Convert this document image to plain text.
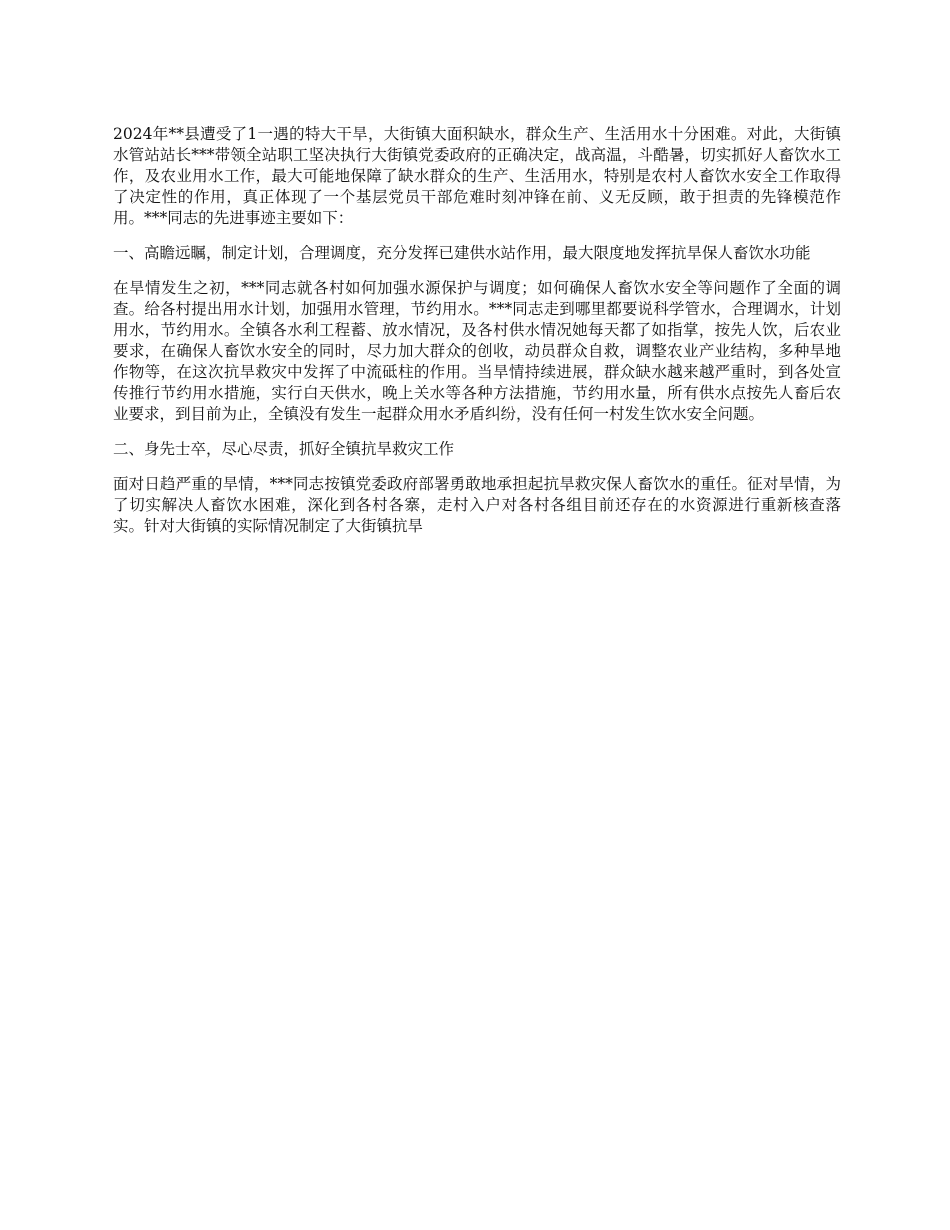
2024年**县遭受了1一遇的特大干旱，大街镇大面积缺水，群众生产、生活用水十分困难。对此，大街镇水管站站长***带领全站职工坚决执行大街镇党委政府的正确决定，战高温，斗酷暑，切实抓好人畜饮水工作，及农业用水工作，最大可能地保障了缺水群众的生产、生活用水，特别是农村人畜饮水安全工作取得了决定性的作用，真正体现了一个基层党员干部危难时刻冲锋在前、义无反顾，敢于担责的先锋模范作用。***同志的先进事迹主要如下：

一、高瞻远瞩，制定计划，合理调度，充分发挥已建供水站作用，最大限度地发挥抗旱保人畜饮水功能

在旱情发生之初，***同志就各村如何加强水源保护与调度；如何确保人畜饮水安全等问题作了全面的调查。给各村提出用水计划，加强用水管理，节约用水。***同志走到哪里都要说科学管水，合理调水，计划用水，节约用水。全镇各水利工程蓄、放水情况，及各村供水情况她每天都了如指掌，按先人饮，后农业要求，在确保人畜饮水安全的同时，尽力加大群众的创收，动员群众自救，调整农业产业结构，多种旱地作物等，在这次抗旱救灾中发挥了中流砥柱的作用。当旱情持续进展，群众缺水越来越严重时，到各处宣传推行节约用水措施，实行白天供水，晚上关水等各种方法措施，节约用水量，所有供水点按先人畜后农业要求，到目前为止，全镇没有发生一起群众用水矛盾纠纷，没有任何一村发生饮水安全问题。

二、身先士卒，尽心尽责，抓好全镇抗旱救灾工作

面对日趋严重的旱情，***同志按镇党委政府部署勇敢地承担起抗旱救灾保人畜饮水的重任。征对旱情，为了切实解决人畜饮水困难，深化到各村各寨，走村入户对各村各组目前还存在的水资源进行重新核查落实。针对大街镇的实际情况制定了大街镇抗旱
